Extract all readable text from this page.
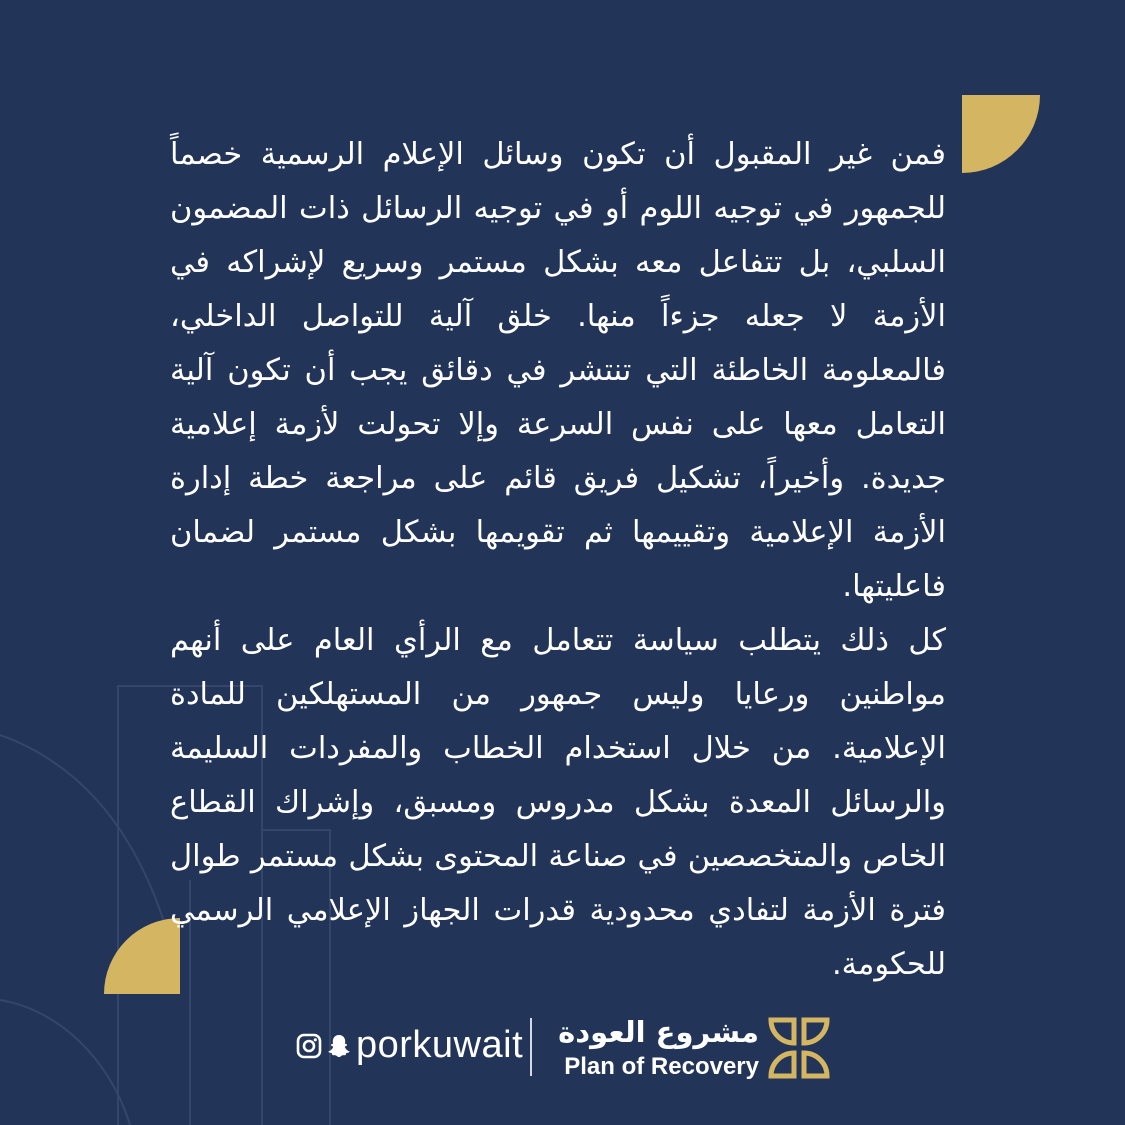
فمن غير المقبول أن تكون وسائل الإعلام الرسمية خصماً للجمهور في توجيه اللوم أو في توجيه الرسائل ذات المضمون السلبي، بل تتفاعل معه بشكل مستمر وسريع لإشراكه في الأزمة لا جعله جزءاً منها. خلق آلية للتواصل الداخلي، فالمعلومة الخاطئة التي تنتشر في دقائق يجب أن تكون آلية التعامل معها على نفس السرعة وإلا تحولت لأزمة إعلامية جديدة. وأخيراً، تشكيل فريق قائم على مراجعة خطة إدارة الأزمة الإعلامية وتقييمها ثم تقويمها بشكل مستمر لضمان فاعليتها.

كل ذلك يتطلب سياسة تتعامل مع الرأي العام على أنهم مواطنين ورعايا وليس جمهور من المستهلكين للمادة الإعلامية. من خلال استخدام الخطاب والمفردات السليمة والرسائل المعدة بشكل مدروس ومسبق، وإشراك القطاع الخاص والمتخصصين في صناعة المحتوى بشكل مستمر طوال فترة الأزمة لتفادي محدودية قدرات الجهاز الإعلامي الرسمي للحكومة.

porkuwait مشروع العودة
Plan of Recovery
